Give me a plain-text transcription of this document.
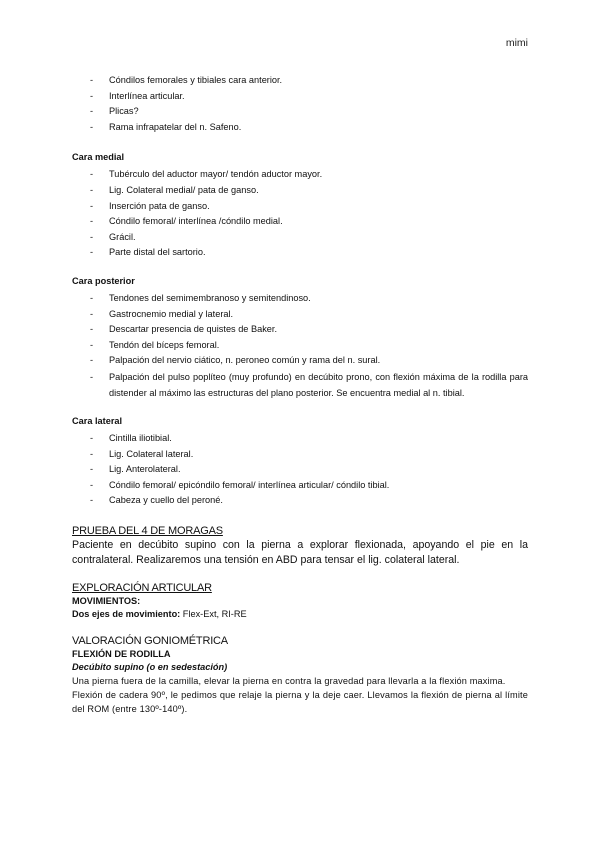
mimi
- Cóndilos femorales y tibiales cara anterior.
- Interlínea articular.
- Plicas?
- Rama infrapatelar del n. Safeno.
Cara medial
- Tubérculo del aductor mayor/ tendón aductor mayor.
- Lig. Colateral medial/ pata de ganso.
- Inserción pata de ganso.
- Cóndilo femoral/ interlínea /cóndilo medial.
- Grácil.
- Parte distal del sartorio.
Cara posterior
- Tendones del semimembranoso y semitendinoso.
- Gastrocnemio medial y lateral.
- Descartar presencia de quistes de Baker.
- Tendón del bíceps femoral.
- Palpación del nervio ciático, n. peroneo común y rama del n. sural.
- Palpación del pulso poplíteo (muy profundo) en decúbito prono, con flexión máxima de la rodilla para distender al máximo las estructuras del plano posterior. Se encuentra medial al n. tibial.
Cara lateral
- Cintilla iliotibial.
- Lig. Colateral lateral.
- Lig. Anterolateral.
- Cóndilo femoral/ epicóndilo femoral/ interlínea articular/ cóndilo tibial.
- Cabeza y cuello del peroné.
PRUEBA DEL 4 DE MORAGAS
Paciente en decúbito supino con la pierna a explorar flexionada, apoyando el pie en la contralateral. Realizaremos una tensión en ABD para tensar el lig. colateral lateral.
EXPLORACIÓN ARTICULAR
MOVIMIENTOS:
Dos ejes de movimiento: Flex-Ext, RI-RE
VALORACIÓN GONIOMÉTRICA
FLEXIÓN DE RODILLA
Decúbito supino (o en sedestación)
Una pierna fuera de la camilla, elevar la pierna en contra la gravedad para llevarla a la flexión maxima.
Flexión de cadera 90º, le pedimos que relaje la pierna y la deje caer. Llevamos la flexión de pierna al límite del ROM (entre 130º-140º).
